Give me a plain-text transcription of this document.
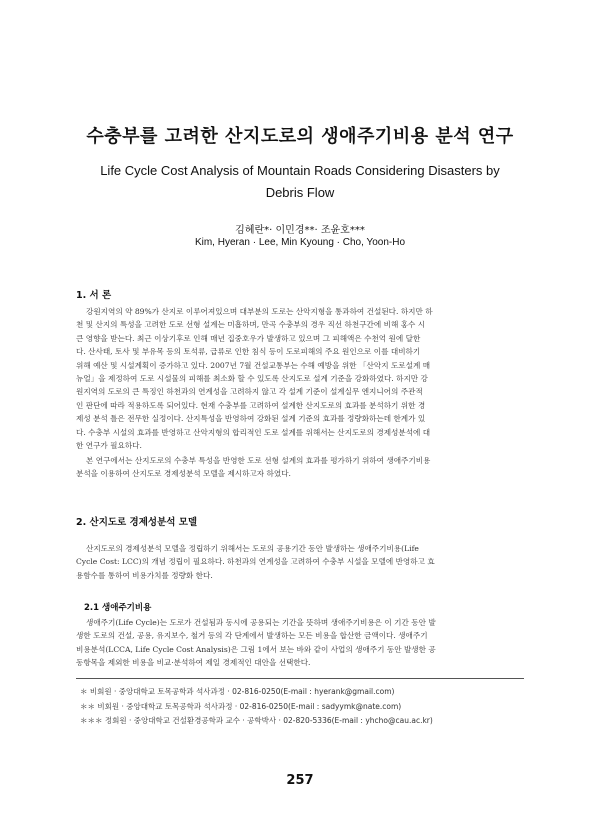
수충부를 고려한 산지도로의 생애주기비용 분석 연구
Life Cycle Cost Analysis of Mountain Roads Considering Disasters by
Debris Flow
김혜란*· 이민경**· 조윤호***
Kim, Hyeran · Lee, Min Kyoung · Cho, Yoon-Ho
1. 서 론
강원지역의 약 89%가 산지로 이루어져있으며 대부분의 도로는 산악지형을 통과하여 건설된다. 하지만 하
천 및 산지의 특성을 고려한 도로 선형 설계는 미흡하며, 만곡 수충부의 경우 직선 하천구간에 비해 홍수 시
큰 영향을 받는다. 최근 이상기후로 인해 매년 집중호우가 발생하고 있으며 그 피해액은 수천억 원에 달한
다. 산사태, 토사 및 부유목 등의 토석류, 급류로 인한 침식 등이 도로피해의 주요 원인으로 이를 대비하기
위해 예산 및 시설계획이 증가하고 있다. 2007년 7월 건설교통부는 수해 예방을 위한 「산악지 도로설계 매
뉴얼」을 제정하여 도로 시설물의 피해를 최소화 할 수 있도록 산지도로 설계 기준을 강화하였다. 하지만 강
원지역의 도로의 큰 특징인 하천과의 연계성을 고려하지 않고 각 설계 기준이 설계실무 엔지니어의 주관적
인 판단에 따라 적용하도록 되어있다. 현재 수충부를 고려하여 설계한 산지도로의 효과를 분석하기 위한 경
제성 분석 틀은 전무한 실정이다. 산지특성을 반영하여 강화된 설계 기준의 효과를 정량화하는데 한계가 있
다. 수충부 시설의 효과를 반영하고 산악지형의 합리적인 도로 설계를 위해서는 산지도로의 경제성분석에 대
한 연구가 필요하다.
본 연구에서는 산지도로의 수충부 특성을 반영한 도로 선형 설계의 효과를 평가하기 위하여 생애주기비용
분석을 이용하여 산지도로 경제성분석 모델을 제시하고자 하였다.
2. 산지도로 경제성분석 모델
산지도로의 경제성분석 모델을 정립하기 위해서는 도로의 공용기간 동안 발생하는 생애주기비용(Life
Cycle Cost: LCC)의 개념 정립이 필요하다. 하천과의 연계성을 고려하여 수충부 시설을 모델에 반영하고 효
용함수를 통하여 비용가치를 정량화 한다.
2.1 생애주기비용
생애주기(Life Cycle)는 도로가 건설됨과 동시에 공용되는 기간을 뜻하며 생애주기비용은 이 기간 동안 발
생한 도로의 건설, 공용, 유지보수, 철거 등의 각 단계에서 발생하는 모든 비용을 합산한 금액이다. 생애주기
비용분석(LCCA, Life Cycle Cost Analysis)은 그림 1에서 보는 바와 같이 사업의 생애주기 동안 발생한 공
동항목을 제외한 비용을 비교·분석하여 제일 경제적인 대안을 선택한다.
＊ 비회원 · 중앙대학교 토목공학과 석사과정 · 02-816-0250(E-mail : hyerank@gmail.com)
＊＊ 비회원 · 중앙대학교 토목공학과 석사과정 · 02-816-0250(E-mail : sadyymk@nate.com)
＊＊＊ 정회원 · 중앙대학교 건설환경공학과 교수 · 공학박사 · 02-820-5336(E-mail : yhcho@cau.ac.kr)
257
